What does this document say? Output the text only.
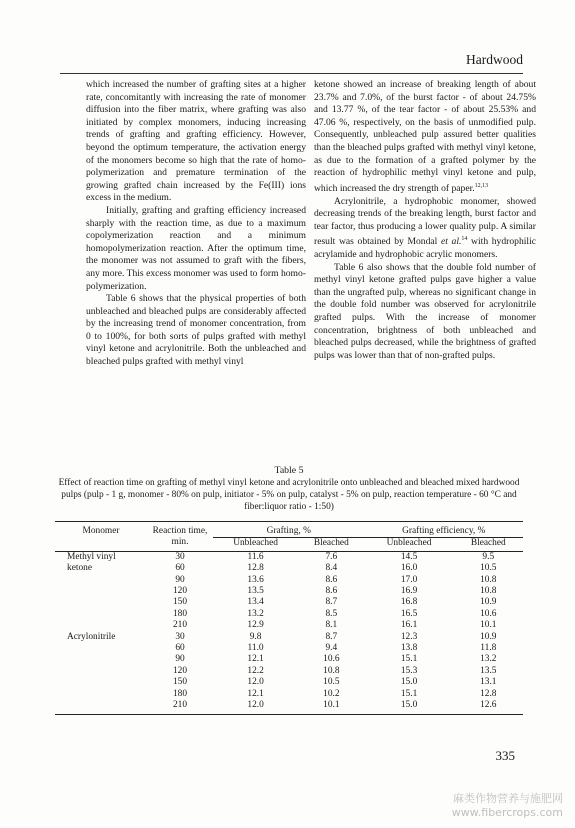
Hardwood

which increased the number of grafting sites at a higher rate, concomitantly with increasing the rate of monomer diffusion into the fiber matrix, where grafting was also initiated by complex monomers, inducing increasing trends of grafting and grafting efficiency. However, beyond the optimum temperature, the activation energy of the monomers become so high that the rate of homo-polymerization and premature termination of the growing grafted chain increased by the Fe(III) ions excess in the medium.

Initially, grafting and grafting efficiency increased sharply with the reaction time, as due to a maximum copolymerization reaction and a minimum homopolymerization reaction. After the optimum time, the monomer was not assumed to graft with the fibers, any more. This excess monomer was used to form homo-polymerization.

Table 6 shows that the physical properties of both unbleached and bleached pulps are considerably affected by the increasing trend of monomer concentration, from 0 to 100%, for both sorts of pulps grafted with methyl vinyl ketone and acrylonitrile. Both the unbleached and bleached pulps grafted with methyl vinyl

ketone showed an increase of breaking length of about 23.7% and 7.0%, of the burst factor - of about 24.75% and 13.77 %, of the tear factor - of about 25.53% and 47.06 %, respectively, on the basis of unmodified pulp. Consequently, unbleached pulp assured better qualities than the bleached pulps grafted with methyl vinyl ketone, as due to the formation of a grafted polymer by the reaction of hydrophilic methyl vinyl ketone and pulp, which increased the dry strength of paper.$^{12,13}$

Acrylonitrile, a hydrophobic monomer, showed decreasing trends of the breaking length, burst factor and tear factor, thus producing a lower quality pulp. A similar result was obtained by Mondal et al.$^{14}$ with hydrophilic acrylamide and hydrophobic acrylic monomers.

Table 6 also shows that the double fold number of methyl vinyl ketone grafted pulps gave higher a value than the ungrafted pulp, whereas no significant change in the double fold number was observed for acrylonitrile grafted pulps. With the increase of monomer concentration, brightness of both unbleached and bleached pulps decreased, while the brightness of grafted pulps was lower than that of non-grafted pulps.

Table 5

Effect of reaction time on grafting of methyl vinyl ketone and acrylonitrile onto unbleached and bleached mixed hardwood pulps (pulp - 1 g, monomer - 80% on pulp, initiator - 5% on pulp, catalyst - 5% on pulp, reaction temperature - 60 °C and fiber:liquor ratio - 1:50)

Monomer	Reaction time, min.	Grafting, %		Grafting efficiency, %	
		Unbleached	Bleached	Unbleached	Bleached
Methyl vinyl	30	11.6	7.6	14.5	9.5
ketone	60	12.8	8.4	16.0	10.5
	90	13.6	8.6	17.0	10.8
	120	13.5	8.6	16.9	10.8
	150	13.4	8.7	16.8	10.9
	180	13.2	8.5	16.5	10.6
	210	12.9	8.1	16.1	10.1
Acrylonitrile	30	9.8	8.7	12.3	10.9
	60	11.0	9.4	13.8	11.8
	90	12.1	10.6	15.1	13.2
	120	12.2	10.8	15.3	13.5
	150	12.0	10.5	15.0	13.1
	180	12.1	10.2	15.1	12.8
	210	12.0	10.1	15.0	12.6
335
麻类作物营养与施肥网
www.fibercrops.com
